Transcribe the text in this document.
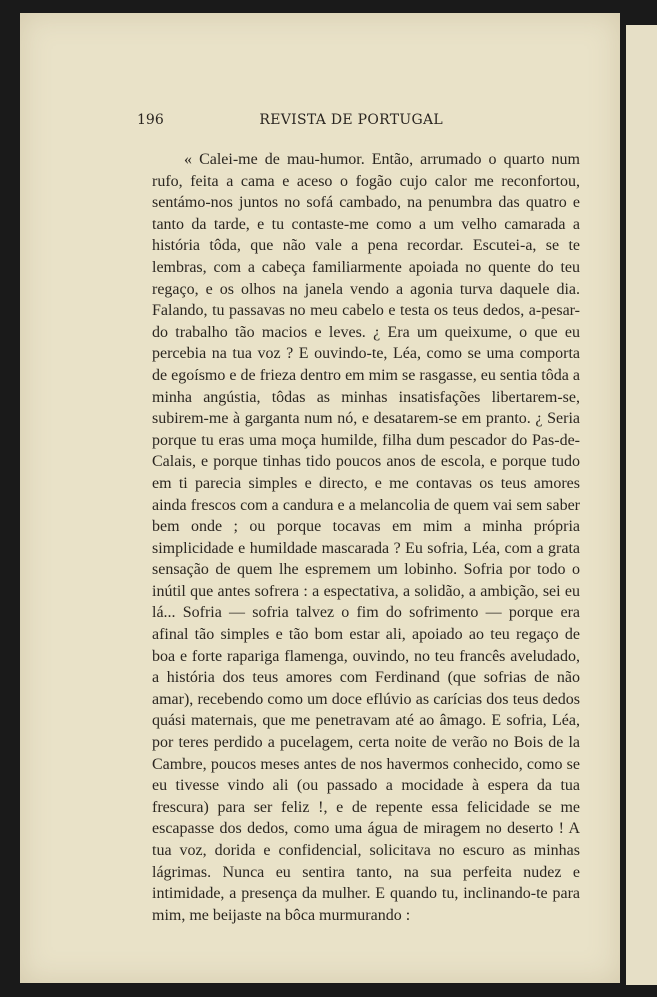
196	REVISTA DE PORTUGAL

« Calei-me de mau-humor. Então, arrumado o quarto num rufo, feita a cama e aceso o fogão cujo calor me reconfortou, sentámo-nos juntos no sofá cambado, na penumbra das quatro e tanto da tarde, e tu contaste-me como a um velho camarada a história tôda, que não vale a pena recordar. Escutei-a, se te lembras, com a cabeça familiarmente apoiada no quente do teu regaço, e os olhos na janela vendo a agonia turva daquele dia. Falando, tu passavas no meu cabelo e testa os teus dedos, a-pesar-do trabalho tão macios e leves. ¿ Era um queixume, o que eu percebia na tua voz ? E ouvindo-te, Léa, como se uma comporta de egoísmo e de frieza dentro em mim se rasgasse, eu sentia tôda a minha angústia, tôdas as minhas insatisfações libertarem-se, subirem-me à garganta num nó, e desatarem-se em pranto. ¿ Seria porque tu eras uma moça humilde, filha dum pescador do Pas-de-Calais, e porque tinhas tido poucos anos de escola, e porque tudo em ti parecia simples e directo, e me contavas os teus amores ainda frescos com a candura e a melancolia de quem vai sem saber bem onde ; ou porque tocavas em mim a minha própria simplicidade e humildade mascarada ? Eu sofria, Léa, com a grata sensação de quem lhe espremem um lobinho. Sofria por todo o inútil que antes sofrera : a espectativa, a solidão, a ambição, sei eu lá... Sofria — sofria talvez o fim do sofrimento — porque era afinal tão simples e tão bom estar ali, apoiado ao teu regaço de boa e forte rapariga flamenga, ouvindo, no teu francês aveludado, a história dos teus amores com Ferdinand (que sofrias de não amar), recebendo como um doce eflúvio as carícias dos teus dedos quási maternais, que me penetravam até ao âmago. E sofria, Léa, por teres perdido a pucelagem, certa noite de verão no Bois de la Cambre, poucos meses antes de nos havermos conhecido, como se eu tivesse vindo ali (ou passado a mocidade à espera da tua frescura) para ser feliz !, e de repente essa felicidade se me escapasse dos dedos, como uma água de miragem no deserto ! A tua voz, dorida e confidencial, solicitava no escuro as minhas lágrimas. Nunca eu sentira tanto, na sua perfeita nudez e intimidade, a presença da mulher. E quando tu, inclinando-te para mim, me beijaste na bôca murmurando :
